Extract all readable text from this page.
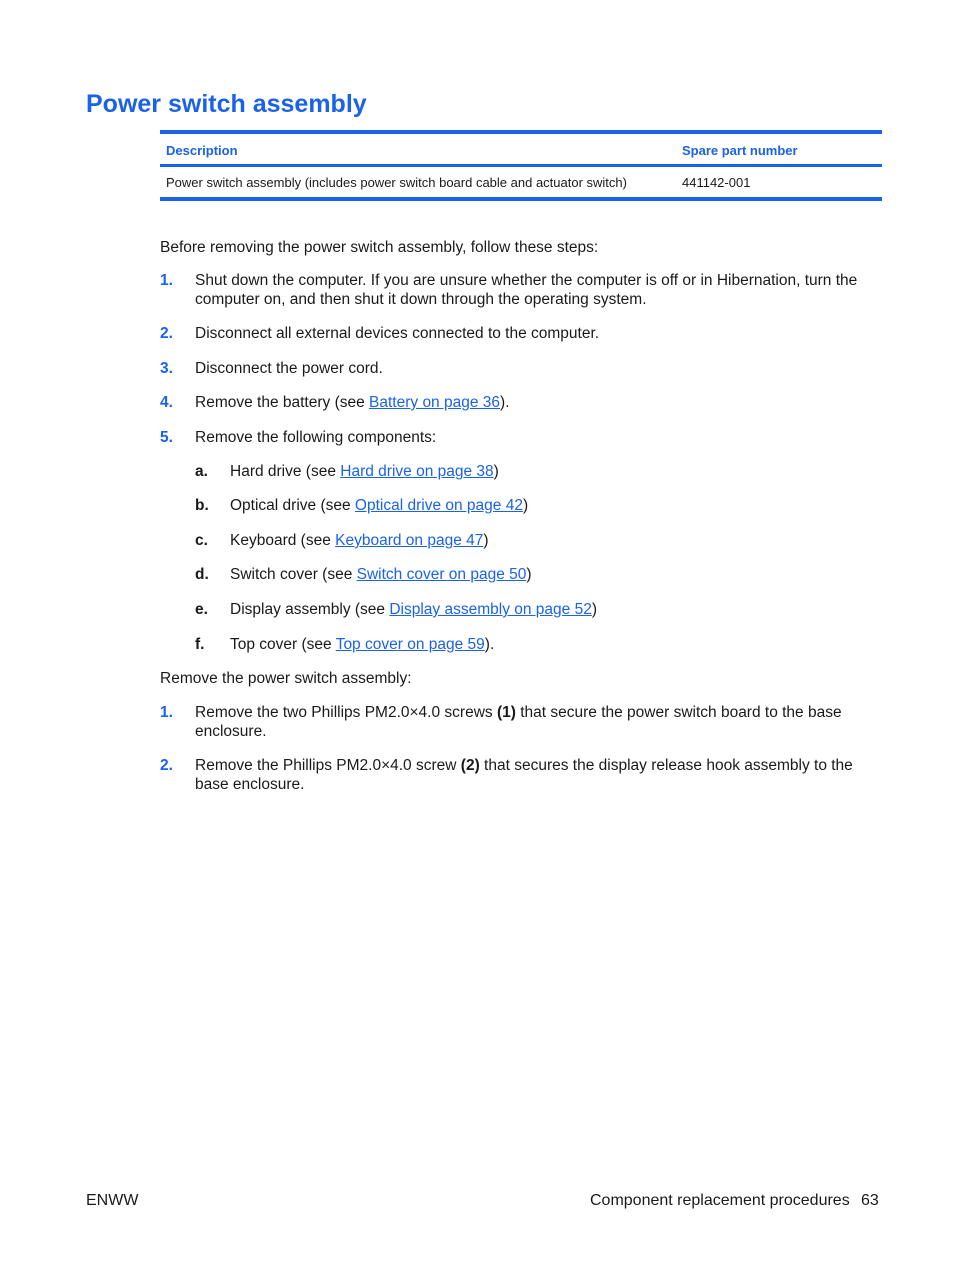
Power switch assembly
Description	Spare part number
Power switch assembly (includes power switch board cable and actuator switch)	441142-001

Before removing the power switch assembly, follow these steps:

1. Shut down the computer. If you are unsure whether the computer is off or in Hibernation, turn the computer on, and then shut it down through the operating system.
2. Disconnect all external devices connected to the computer.
3. Disconnect the power cord.
4. Remove the battery (see Battery on page 36).
5. Remove the following components:
a. Hard drive (see Hard drive on page 38)
b. Optical drive (see Optical drive on page 42)
c. Keyboard (see Keyboard on page 47)
d. Switch cover (see Switch cover on page 50)
e. Display assembly (see Display assembly on page 52)
f. Top cover (see Top cover on page 59).

Remove the power switch assembly:

1. Remove the two Phillips PM2.0×4.0 screws (1) that secure the power switch board to the base enclosure.
2. Remove the Phillips PM2.0×4.0 screw (2) that secures the display release hook assembly to the base enclosure.
ENWW	Component replacement procedures 63
